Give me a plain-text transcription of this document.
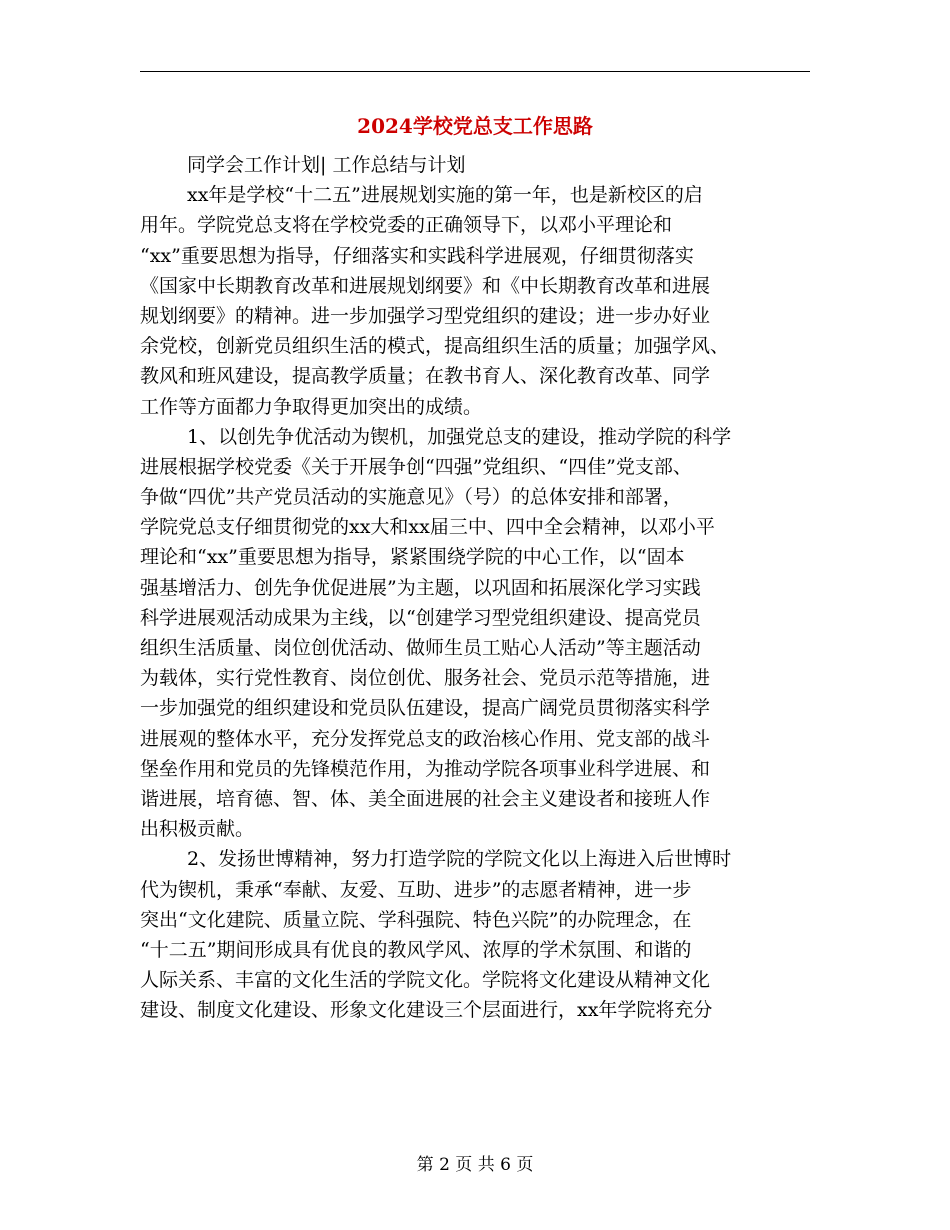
2024学校党总支工作思路
同学会工作计划| 工作总结与计划
xx年是学校“十二五”进展规划实施的第一年，也是新校区的启
用年。学院党总支将在学校党委的正确领导下，以邓小平理论和
“xx”重要思想为指导，仔细落实和实践科学进展观，仔细贯彻落实
《国家中长期教育改革和进展规划纲要》和《中长期教育改革和进展
规划纲要》的精神。进一步加强学习型党组织的建设；进一步办好业
余党校，创新党员组织生活的模式，提高组织生活的质量；加强学风、
教风和班风建设，提高教学质量；在教书育人、深化教育改革、同学
工作等方面都力争取得更加突出的成绩。
1、以创先争优活动为锲机，加强党总支的建设，推动学院的科学
进展根据学校党委《关于开展争创“四强”党组织、“四佳”党支部、
争做“四优”共产党员活动的实施意见》（号）的总体安排和部署，
学院党总支仔细贯彻党的xx大和xx届三中、四中全会精神，以邓小平
理论和“xx”重要思想为指导，紧紧围绕学院的中心工作，以“固本
强基增活力、创先争优促进展”为主题，以巩固和拓展深化学习实践
科学进展观活动成果为主线，以“创建学习型党组织建设、提高党员
组织生活质量、岗位创优活动、做师生员工贴心人活动”等主题活动
为载体，实行党性教育、岗位创优、服务社会、党员示范等措施，进
一步加强党的组织建设和党员队伍建设，提高广阔党员贯彻落实科学
进展观的整体水平，充分发挥党总支的政治核心作用、党支部的战斗
堡垒作用和党员的先锋模范作用，为推动学院各项事业科学进展、和
谐进展，培育德、智、体、美全面进展的社会主义建设者和接班人作
出积极贡献。
2、发扬世博精神，努力打造学院的学院文化以上海进入后世博时
代为锲机，秉承“奉献、友爱、互助、进步”的志愿者精神，进一步
突出“文化建院、质量立院、学科强院、特色兴院”的办院理念，在
“十二五”期间形成具有优良的教风学风、浓厚的学术氛围、和谐的
人际关系、丰富的文化生活的学院文化。学院将文化建设从精神文化
建设、制度文化建设、形象文化建设三个层面进行，xx年学院将充分
第 2 页 共 6 页
